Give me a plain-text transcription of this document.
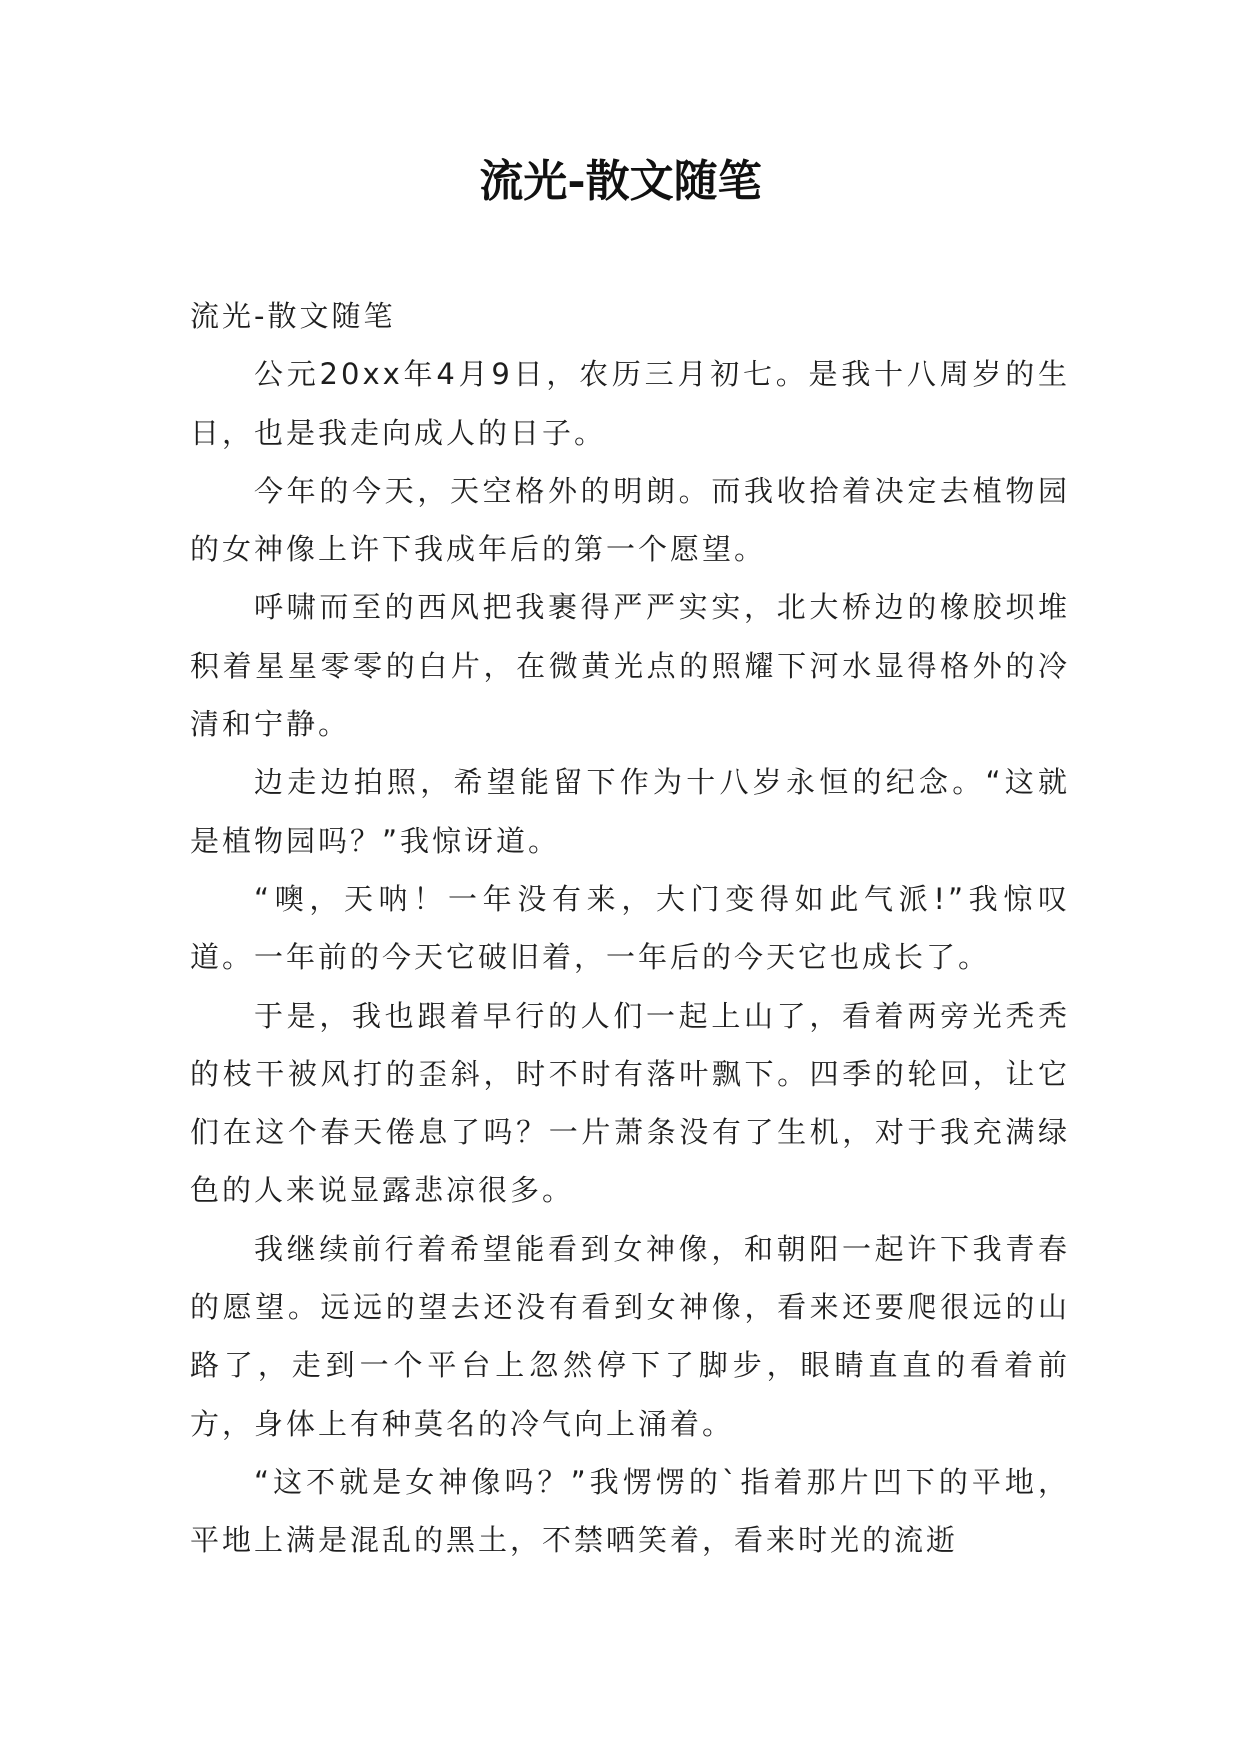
流光-散文随笔

流光-散文随笔

公元20xx年4月9日，农历三月初七。是我十八周岁的生日，也是我走向成人的日子。

今年的今天，天空格外的明朗。而我收拾着决定去植物园的女神像上许下我成年后的第一个愿望。

呼啸而至的西风把我裹得严严实实，北大桥边的橡胶坝堆积着星星零零的白片，在微黄光点的照耀下河水显得格外的冷清和宁静。

边走边拍照，希望能留下作为十八岁永恒的纪念。“这就是植物园吗？”我惊讶道。

“噢，天呐！一年没有来，大门变得如此气派!”我惊叹道。一年前的今天它破旧着，一年后的今天它也成长了。

于是，我也跟着早行的人们一起上山了，看着两旁光秃秃的枝干被风打的歪斜，时不时有落叶飘下。四季的轮回，让它们在这个春天倦息了吗？一片萧条没有了生机，对于我充满绿色的人来说显露悲凉很多。

我继续前行着希望能看到女神像，和朝阳一起许下我青春的愿望。远远的望去还没有看到女神像，看来还要爬很远的山路了，走到一个平台上忽然停下了脚步，眼睛直直的看着前方，身体上有种莫名的冷气向上涌着。

“这不就是女神像吗？”我愣愣的`指着那片凹下的平地，平地上满是混乱的黑土，不禁哂笑着，看来时光的流逝
